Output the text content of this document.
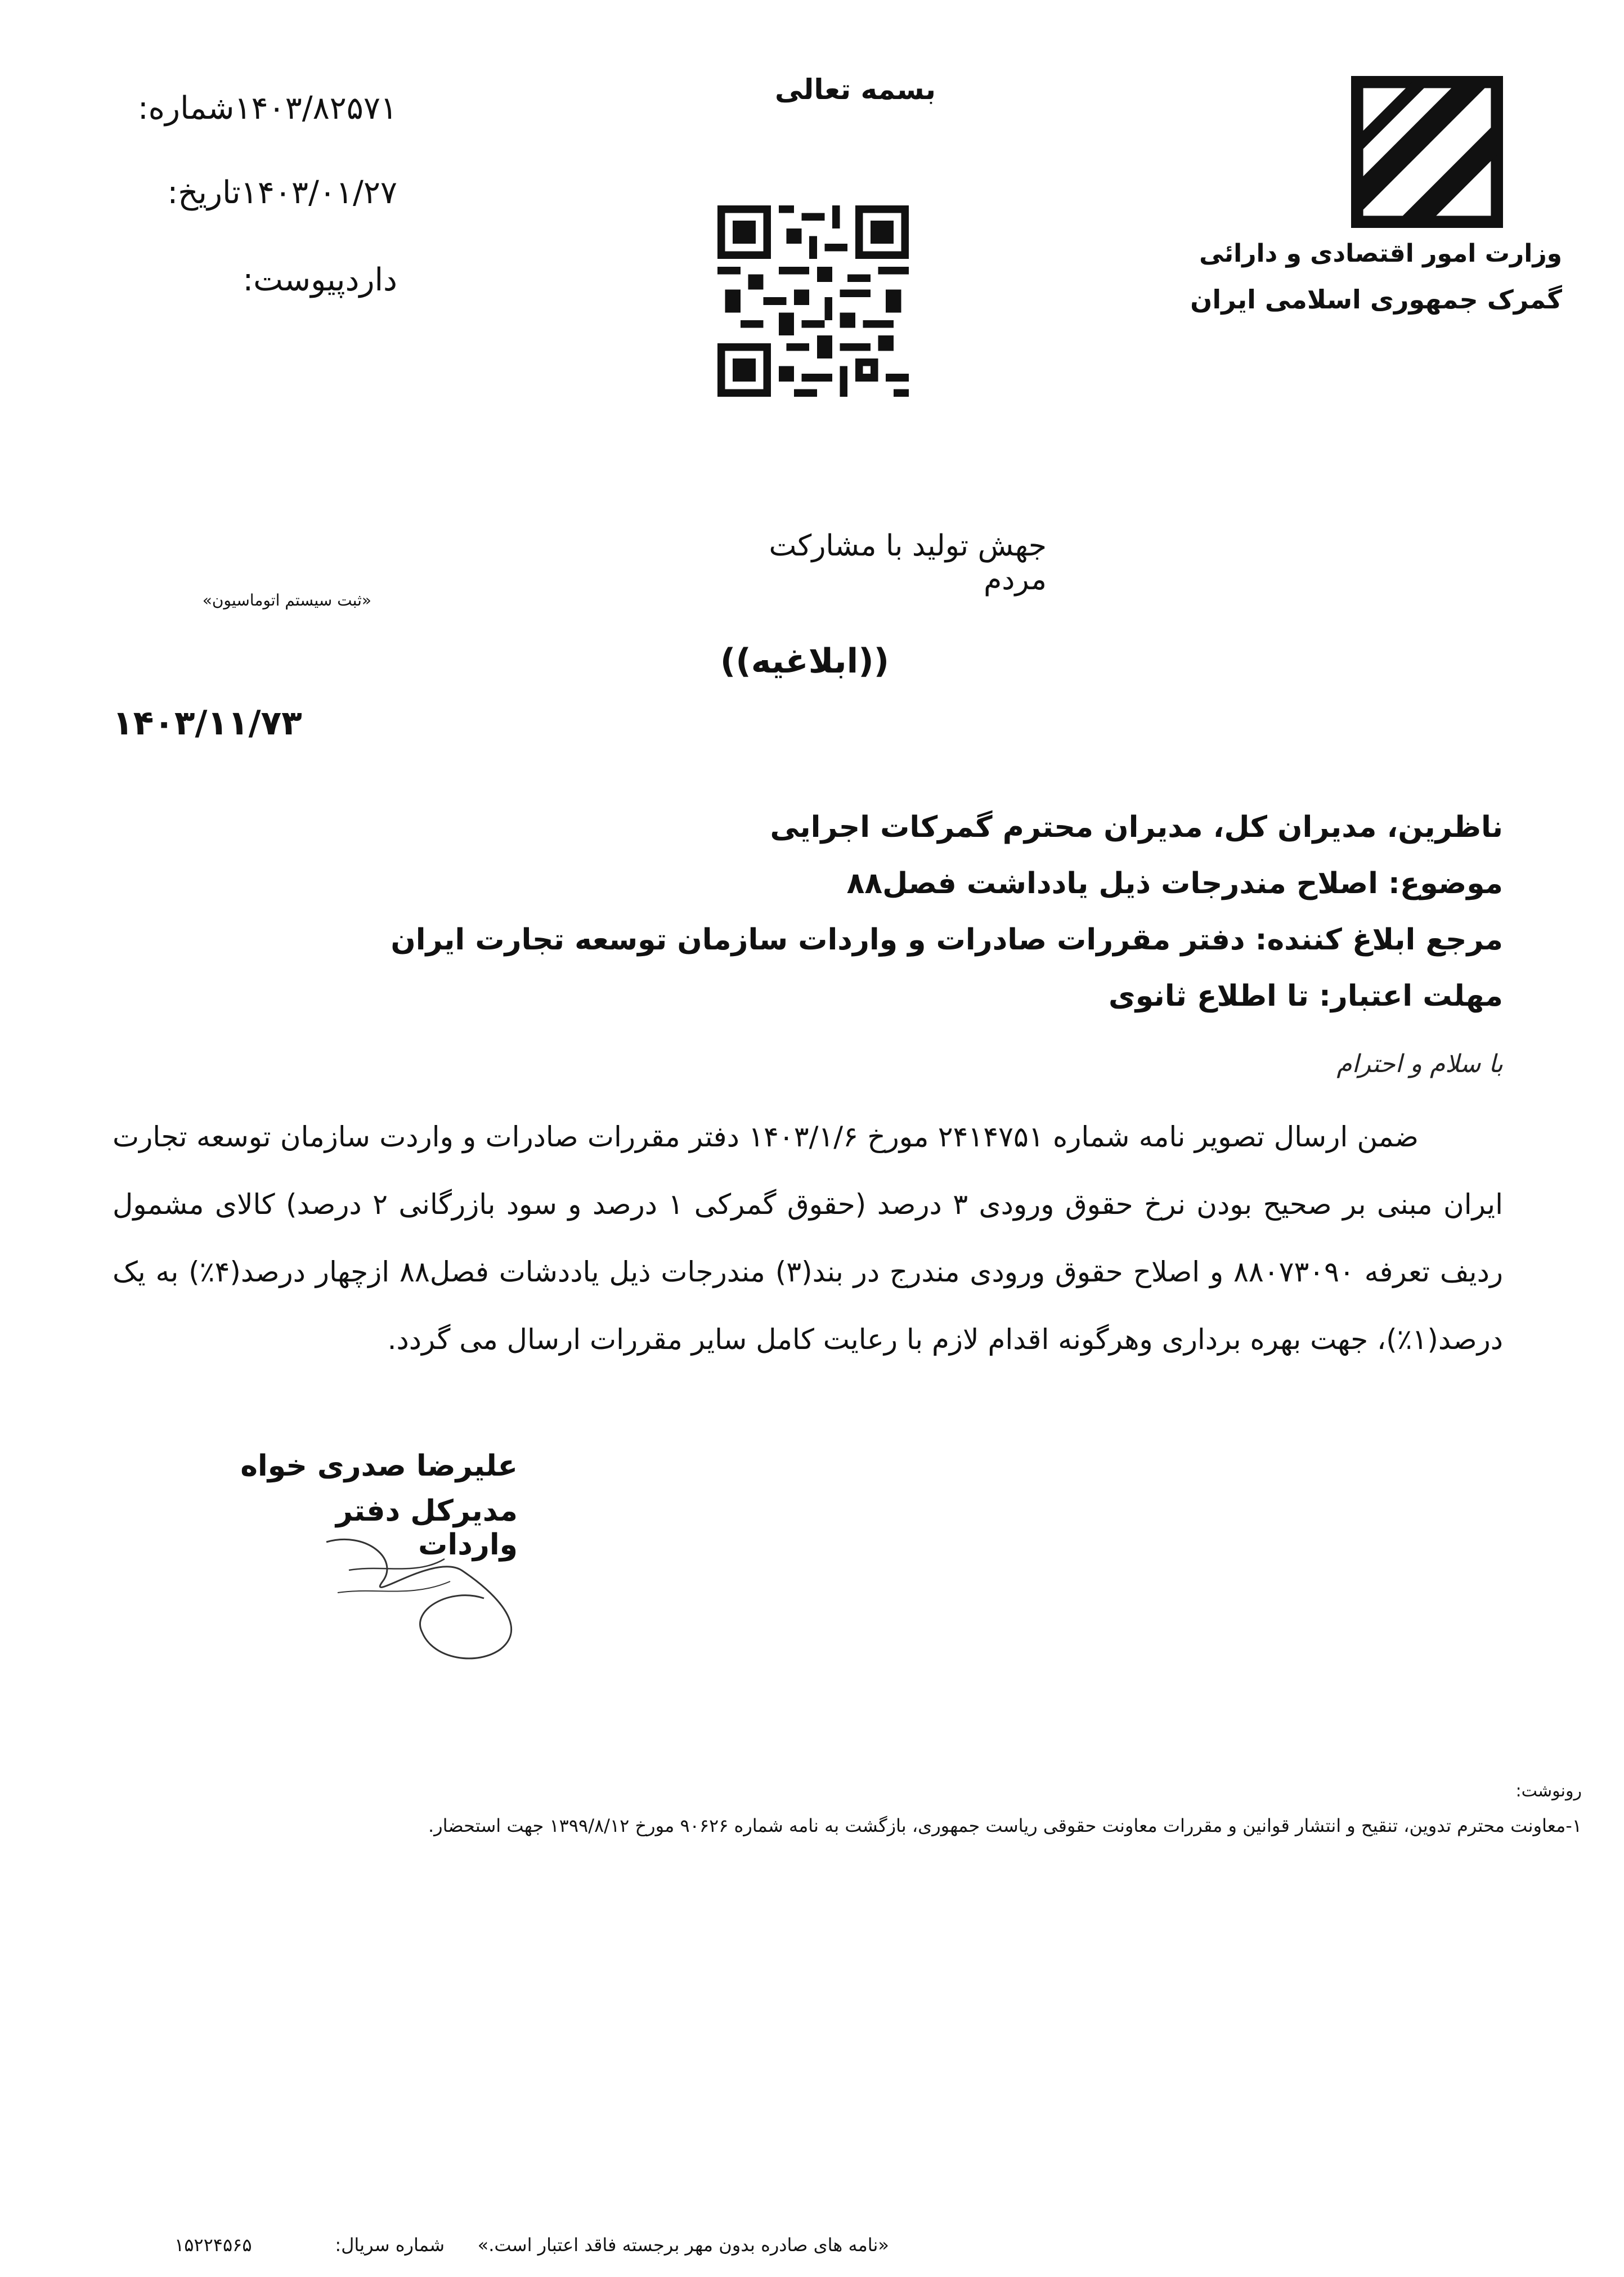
وزارت امور اقتصادی و دارائی
گمرک جمهوری اسلامی ایران
بسمه تعالی
شماره:۱۴۰۳/۸۲۵۷۱
تاریخ:۱۴۰۳/۰۱/۲۷
پیوست:دارد
جهش تولید با مشارکت مردم
«ثبت سیستم اتوماسیون»
((ابلاغیه))
۱۴۰۳/۱۱/۷۳
ناظرین، مدیران کل، مدیران محترم گمرکات اجرایی
موضوع: اصلاح مندرجات ذیل یادداشت فصل۸۸
مرجع ابلاغ کننده: دفتر مقررات صادرات و واردات سازمان توسعه تجارت ایران
مهلت اعتبار: تا اطلاع ثانوی
با سلام و احترام
ضمن ارسال تصویر نامه شماره ۲۴۱۴۷۵۱ مورخ ۱۴۰۳/۱/۶ دفتر مقررات صادرات و واردت سازمان توسعه تجارت ایران مبنی بر صحیح بودن نرخ حقوق ورودی ۳ درصد (حقوق گمرکی ۱ درصد و سود بازرگانی ۲ درصد) کالای مشمول ردیف تعرفه ۸۸۰۷۳۰۹۰ و اصلاح حقوق ورودی مندرج در بند(۳) مندرجات ذیل یاددشات فصل۸۸ ازچهار درصد(۴٪) به یک درصد(۱٪)، جهت بهره برداری وهرگونه اقدام لازم با رعایت کامل سایر مقررات ارسال می گردد.
علیرضا صدری خواه
مدیرکل دفتر واردات
رونوشت:
۱-معاونت محترم تدوین، تنقیح و انتشار قوانین و مقررات معاونت حقوقی ریاست جمهوری، بازگشت به نامه شماره ۹۰۶۲۶ مورخ ۱۳۹۹/۸/۱۲ جهت استحضار.
«نامه های صادره بدون مهر برجسته فاقد اعتبار است.»
شماره سریال:
۱۵۲۲۴۵۶۵
